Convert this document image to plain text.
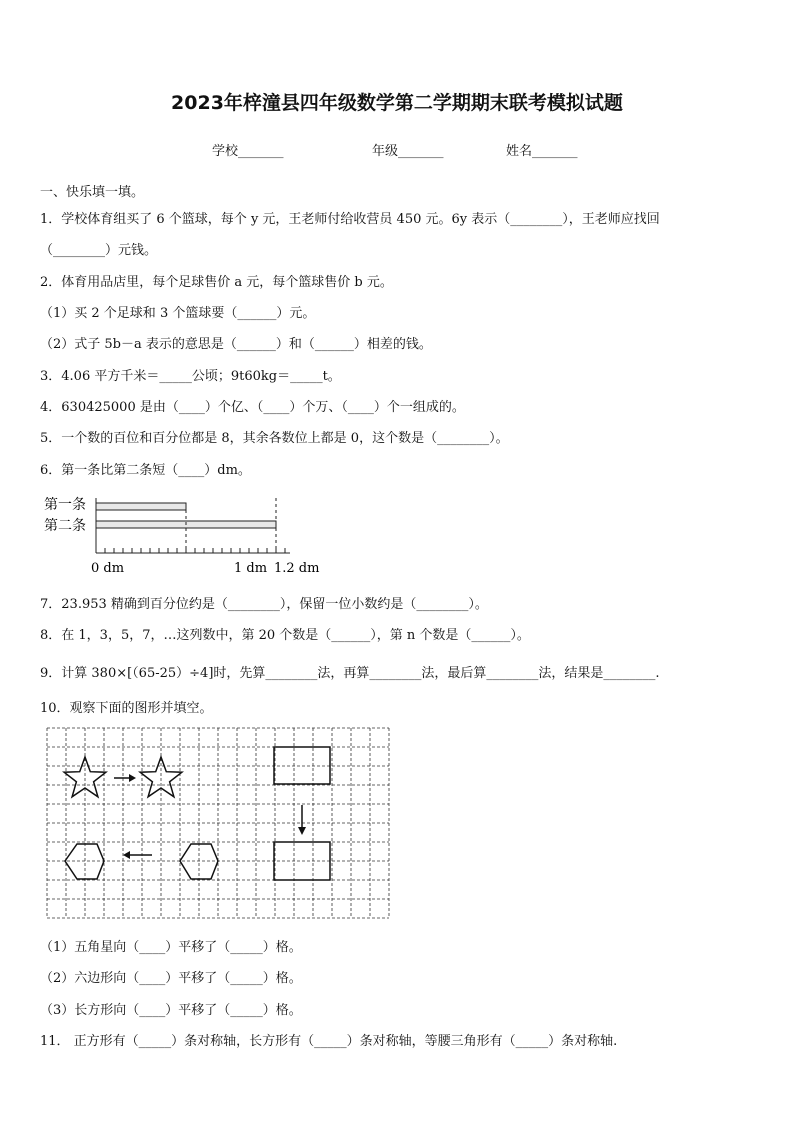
2023年梓潼县四年级数学第二学期期末联考模拟试题
学校_______	年级_______	姓名_______
一、快乐填一填。
1．学校体育组买了 6 个篮球，每个 y 元，王老师付给收营员 450 元。6y 表示（________），王老师应找回
（________）元钱。
2．体育用品店里，每个足球售价 a 元，每个篮球售价 b 元。
（1）买 2 个足球和 3 个篮球要（______）元。
（2）式子 5b－a 表示的意思是（______）和（______）相差的钱。
3．4.06 平方千米＝_____公顷；9t60kg＝_____t。
4．630425000 是由（____）个亿、（____）个万、（____）个一组成的。
5．一个数的百位和百分位都是 8，其余各数位上都是 0，这个数是（________）。
6．第一条比第二条短（____）dm。
第一条
第二条
0 dm	1 dm 1.2 dm
7．23.953 精确到百分位约是（________），保留一位小数约是（________）。
8．在 1，3，5，7，…这列数中，第 20 个数是（______），第 n 个数是（______）。
9．计算 380×[（65-25）÷4]时，先算________法，再算________法，最后算________法，结果是________.
10．观察下面的图形并填空。
（1）五角星向（____）平移了（_____）格。
（2）六边形向（____）平移了（_____）格。
（3）长方形向（____）平移了（_____）格。
11． 正方形有（_____）条对称轴，长方形有（_____）条对称轴，等腰三角形有（_____）条对称轴.
